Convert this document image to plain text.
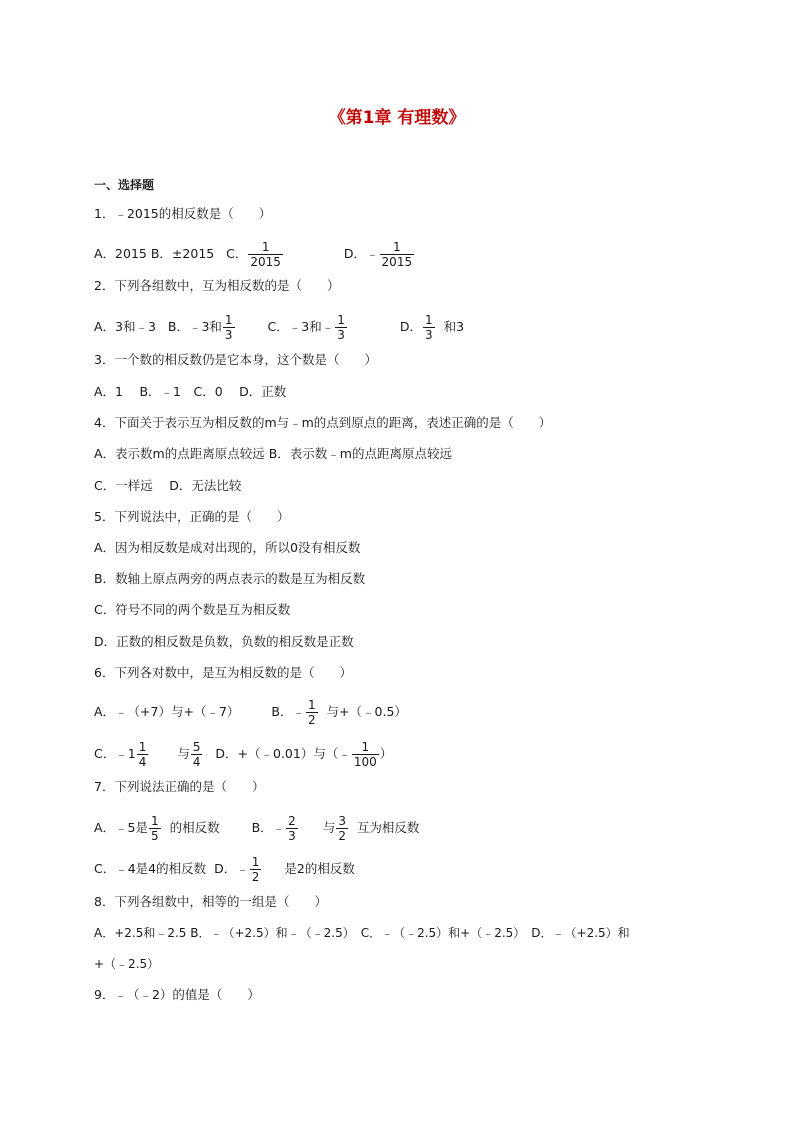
《第1章 有理数》
一、选择题
1．﹣2015的相反数是（　　）
A．2015 B．±2015 C． $\frac{1}{2015}$	D．﹣ $\frac{1}{2015}$
2．下列各组数中，互为相反数的是（　　）
A．3和﹣3 B．﹣3和 $\frac{1}{3}$	C．﹣3和﹣ $\frac{1}{3}$	D． $\frac{1}{3}$ 和3
3．一个数的相反数仍是它本身，这个数是（　　）
A．1　 B．﹣1　C．0　 D．正数
4．下面关于表示互为相反数的m与﹣m的点到原点的距离，表述正确的是（　　）
A．表示数m的点距离原点较远 B．表示数﹣m的点距离原点较远
C．一样远　 D．无法比较
5．下列说法中，正确的是（　　）
A．因为相反数是成对出现的，所以0没有相反数
B．数轴上原点两旁的两点表示的数是互为相反数
C．符号不同的两个数是互为相反数
D．正数的相反数是负数，负数的相反数是正数
6．下列各对数中，是互为相反数的是（　　）
A．﹣（+7）与+（﹣7）	B．﹣ $\frac{1}{2}$ 与+（﹣0.5）
C．﹣1 $\frac{1}{4}$ 与 $\frac{5}{4}$ D．+（﹣0.01）与（﹣ $\frac{1}{100}$ ）
7．下列说法正确的是（　　）
A．﹣5是 $\frac{1}{5}$ 的相反数	B．﹣ $\frac{2}{3}$ 与 $\frac{3}{2}$ 互为相反数
C．﹣4是4的相反数 D．﹣ $\frac{1}{2}$ 是2的相反数
8．下列各组数中，相等的一组是（　　）
A．+2.5和﹣2.5 B．﹣（+2.5）和﹣（﹣2.5）　C．﹣（﹣2.5）和+（﹣2.5）　D．﹣（+2.5）和
+（﹣2.5）
9．﹣（﹣2）的值是（　　）
